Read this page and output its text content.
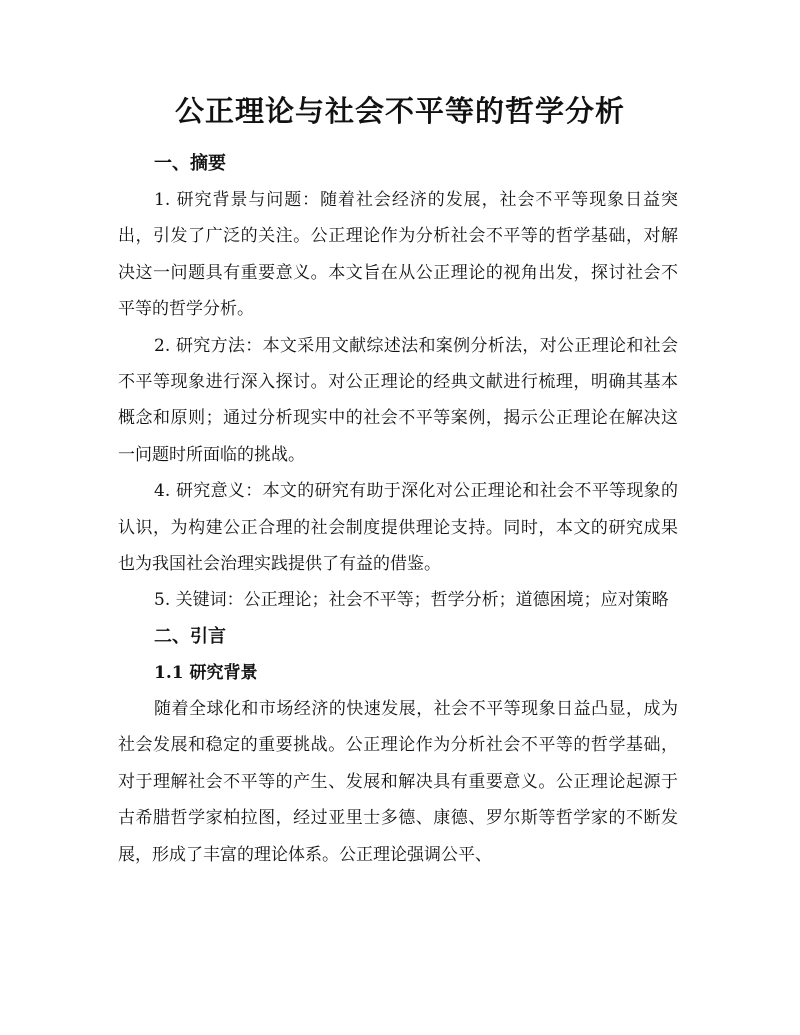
公正理论与社会不平等的哲学分析
一、摘要

1. 研究背景与问题：随着社会经济的发展，社会不平等现象日益突出，引发了广泛的关注。公正理论作为分析社会不平等的哲学基础，对解决这一问题具有重要意义。本文旨在从公正理论的视角出发，探讨社会不平等的哲学分析。

2. 研究方法：本文采用文献综述法和案例分析法，对公正理论和社会不平等现象进行深入探讨。对公正理论的经典文献进行梳理，明确其基本概念和原则；通过分析现实中的社会不平等案例，揭示公正理论在解决这一问题时所面临的挑战。

4. 研究意义：本文的研究有助于深化对公正理论和社会不平等现象的认识，为构建公正合理的社会制度提供理论支持。同时，本文的研究成果也为我国社会治理实践提供了有益的借鉴。

5. 关键词：公正理论；社会不平等；哲学分析；道德困境；应对策略

二、引言
1.1 研究背景

随着全球化和市场经济的快速发展，社会不平等现象日益凸显，成为社会发展和稳定的重要挑战。公正理论作为分析社会不平等的哲学基础，对于理解社会不平等的产生、发展和解决具有重要意义。公正理论起源于古希腊哲学家柏拉图，经过亚里士多德、康德、罗尔斯等哲学家的不断发展，形成了丰富的理论体系。公正理论强调公平、
